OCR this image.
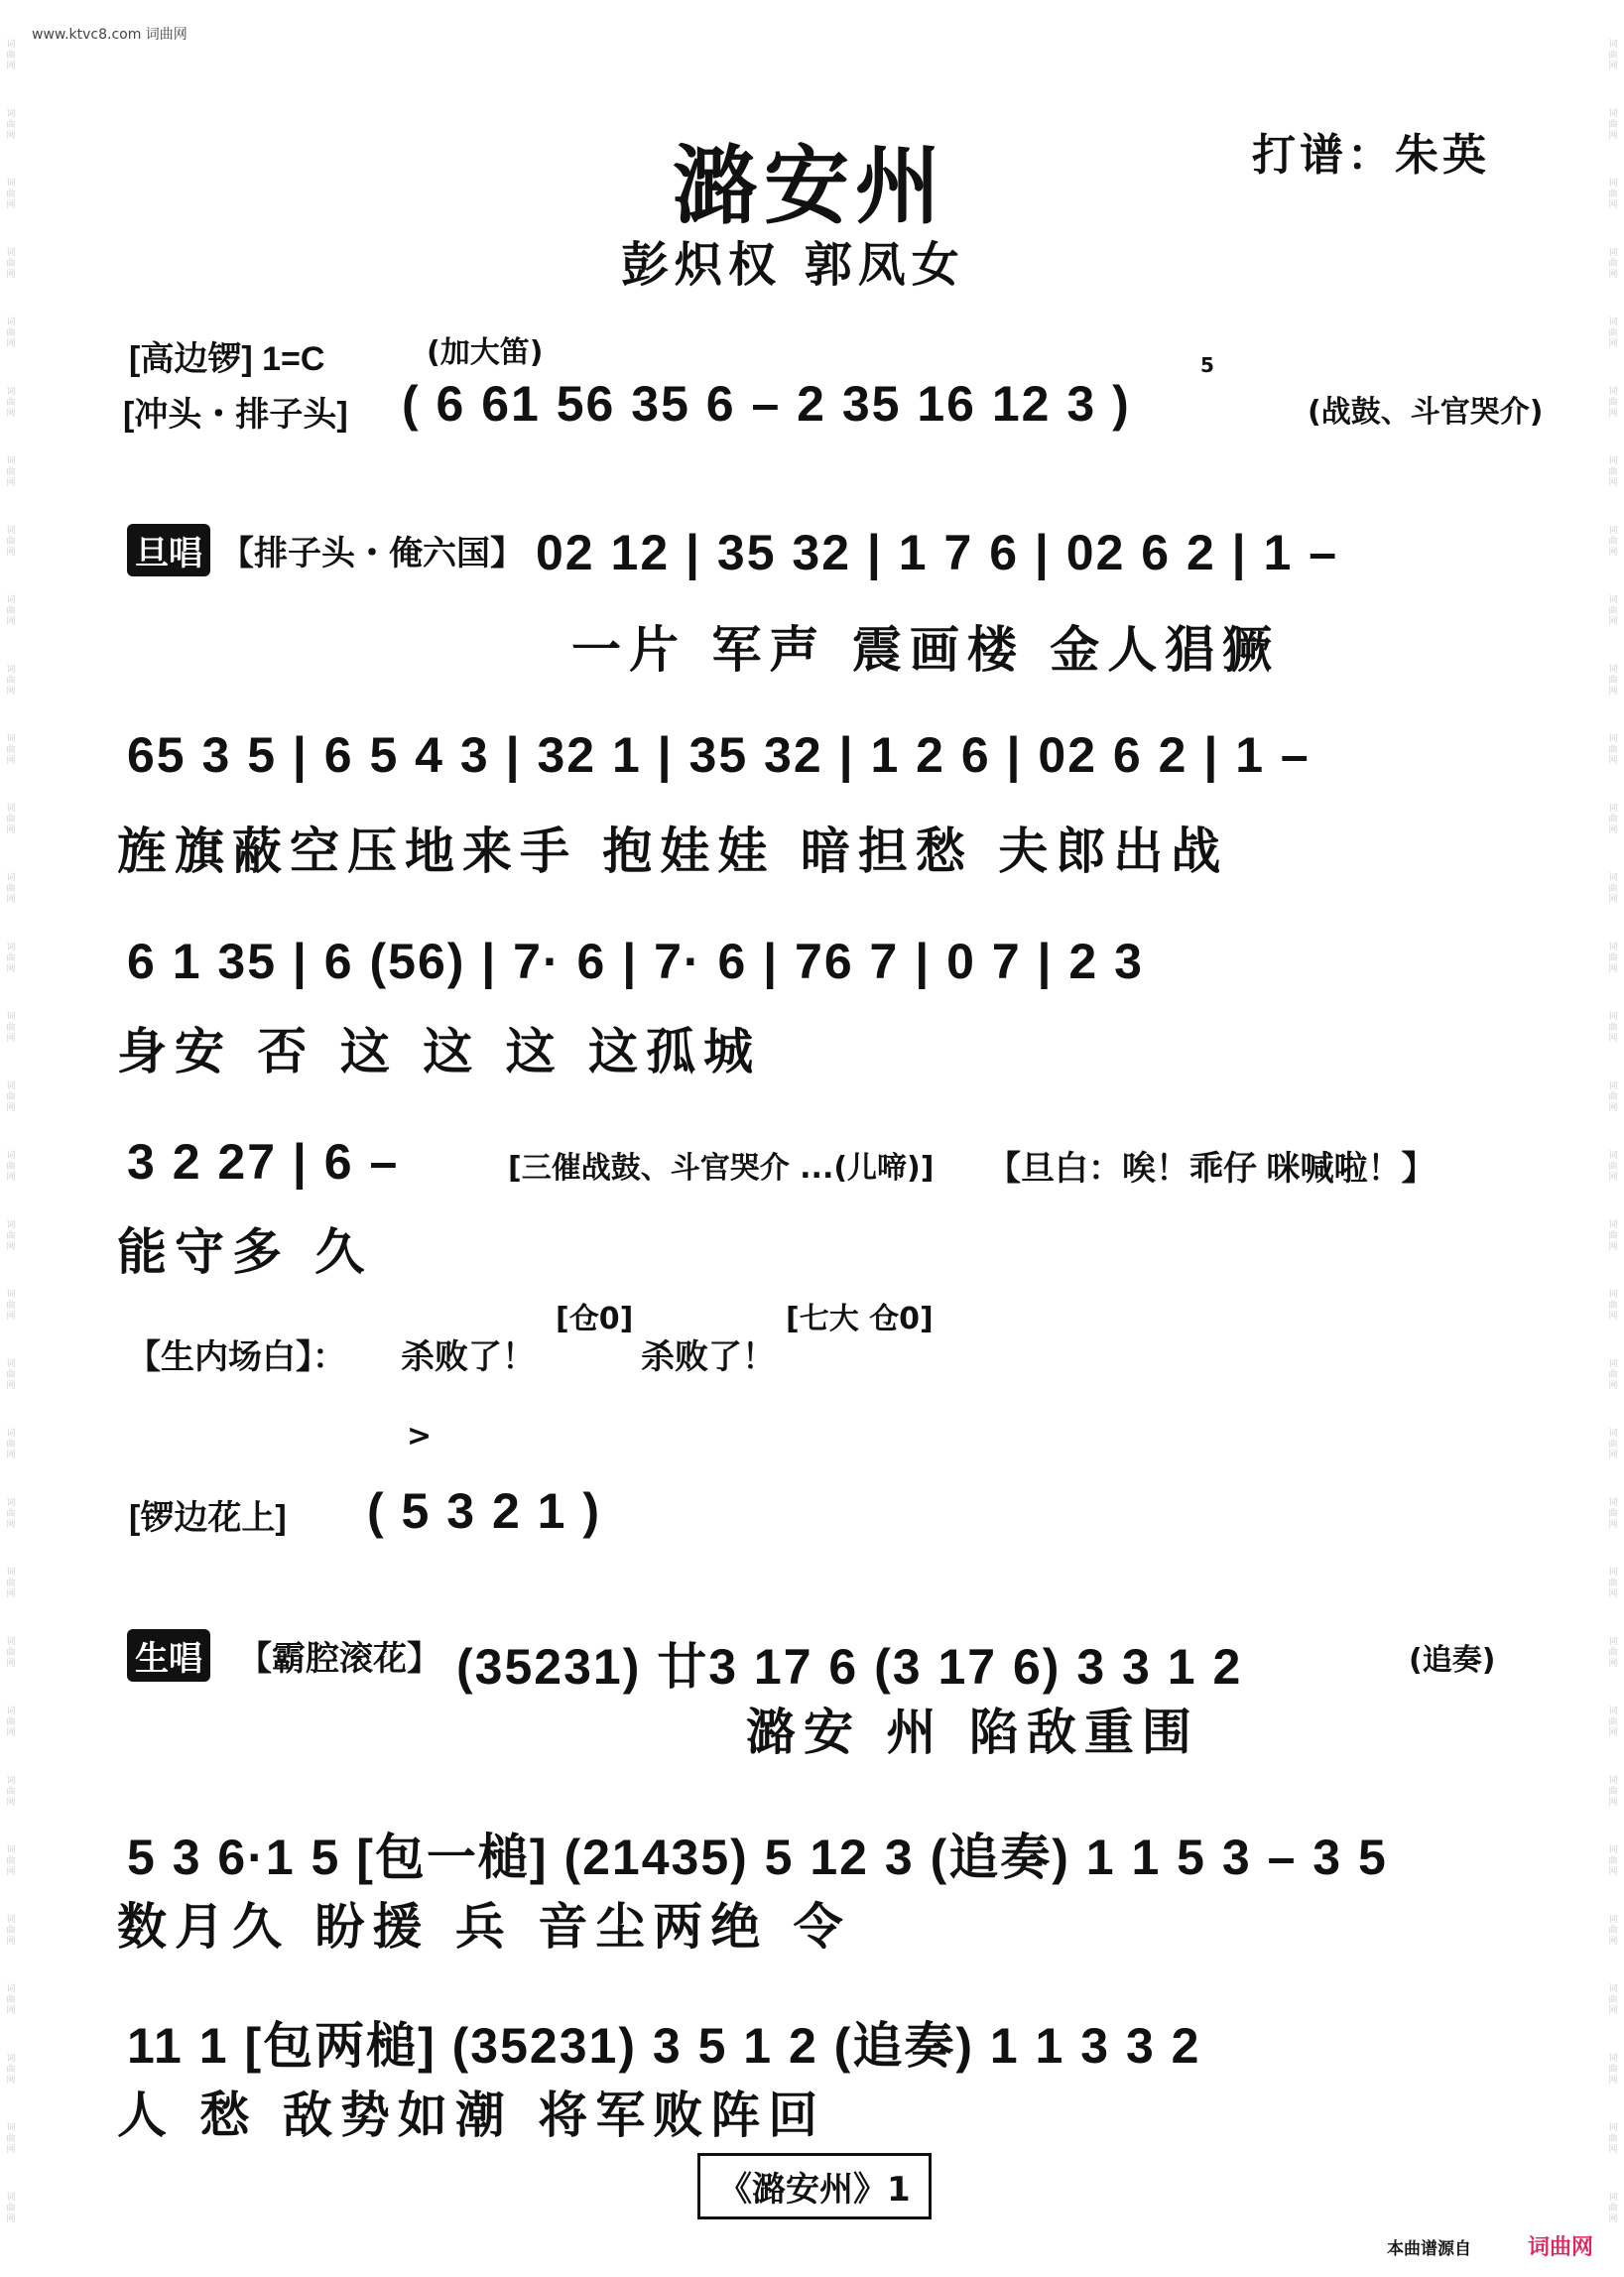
www.ktvc8.com 词曲网
词曲网
词曲网
词曲网
词曲网
词曲网
词曲网
词曲网
词曲网
词曲网
词曲网
词曲网
词曲网
词曲网
词曲网
词曲网
词曲网
词曲网
词曲网
词曲网
词曲网
词曲网
词曲网
词曲网
词曲网
词曲网
词曲网
词曲网
词曲网
词曲网
词曲网
词曲网
词曲网
词曲网
词曲网
词曲网
词曲网
词曲网
词曲网
词曲网
词曲网
词曲网
词曲网
词曲网
词曲网
词曲网
词曲网
词曲网
词曲网
词曲网
词曲网
词曲网
词曲网
词曲网
词曲网
词曲网
词曲网
词曲网
词曲网
词曲网
词曲网
词曲网
词曲网
词曲网
词曲网
潞安州	打谱：朱英
彭炽权 郭凤女
[高边锣] 1=C	(加大笛)
[冲头・排子头] ( 6 61 56 35 6 – 2 35 16 12 3 )
5
(战鼓、斗官哭介)
旦唱 【排子头・俺六国】 02 12 | 35 32 | 1 7 6 | 02 6 2 | 1 –
一片 军声 震画楼 金人猖獗
65 3 5 | 6 5 4 3 | 32 1 | 35 32 | 1 2 6 | 02 6 2 | 1 –
旌旗蔽空压地来手 抱娃娃 暗担愁 夫郎出战
6 1 35 | 6 (56) | 7· 6 | 7· 6 | 76 7 | 0 7 | 2 3
身安 否 这 这 这 这孤城
3 2 27 | 6 –
能守多 久
[三催战鼓、斗官哭介 ...(儿啼)] 【旦白：唉！乖仔 咪喊啦！】
【生内场白】： 杀败了！
[仓0]
杀败了！
[七大 仓0]
[锣边花上]
>
( 5 3 2 1 )
生唱 【霸腔滚花】 (35231) 廿3 17 6 (3 17 6) 3 3 1 2	(追奏)
潞安 州 陷敌重围
5 3 6·1 5 [包一槌] (21435) 5 12 3 (追奏) 1 1 5 3 – 3 5
数月久 盼援 兵 音尘两绝 令
11 1 [包两槌] (35231) 3 5 1 2 (追奏) 1 1 3 3 2
人 愁 敌势如潮 将军败阵回
《潞安州》1
本曲谱源自	词曲网
